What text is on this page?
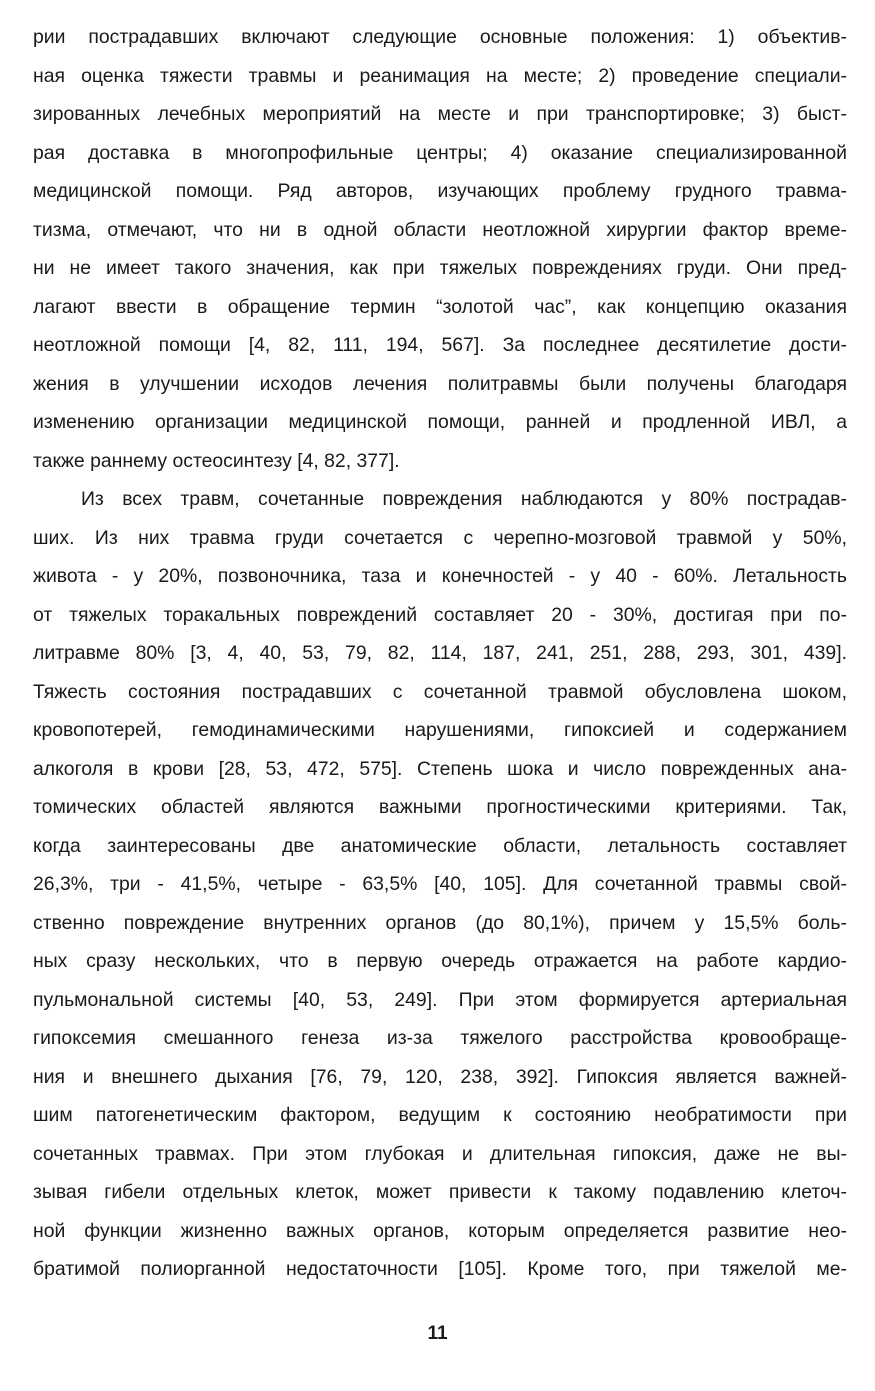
рии пострадавших включают следующие основные положения: 1) объектив-
ная оценка тяжести травмы и реанимация на месте; 2) проведение специали-
зированных лечебных мероприятий на месте и при транспортировке; 3) быст-
рая доставка в многопрофильные центры; 4) оказание специализированной
медицинской помощи. Ряд авторов, изучающих проблему грудного травма-
тизма, отмечают, что ни в одной области неотложной хирургии фактор време-
ни не имеет такого значения, как при тяжелых повреждениях груди. Они пред-
лагают ввести в обращение термин “золотой час”, как концепцию оказания
неотложной помощи [4, 82, 111, 194, 567]. За последнее десятилетие дости-
жения в улучшении исходов лечения политравмы были получены благодаря
изменению организации медицинской помощи, ранней и продленной ИВЛ, а
также раннему остеосинтезу [4, 82, 377].
Из всех травм, сочетанные повреждения наблюдаются у 80% пострадав-
ших. Из них травма груди сочетается с черепно-мозговой травмой у 50%,
живота - у 20%, позвоночника, таза и конечностей - у 40 - 60%. Летальность
от тяжелых торакальных повреждений составляет 20 - 30%, достигая при по-
литравме 80% [3, 4, 40, 53, 79, 82, 114, 187, 241, 251, 288, 293, 301, 439].
Тяжесть состояния пострадавших с сочетанной травмой обусловлена шоком,
кровопотерей, гемодинамическими нарушениями, гипоксией и содержанием
алкоголя в крови [28, 53, 472, 575]. Степень шока и число поврежденных ана-
томических областей являются важными прогностическими критериями. Так,
когда заинтересованы две анатомические области, летальность составляет
26,3%, три - 41,5%, четыре - 63,5% [40, 105]. Для сочетанной травмы свой-
ственно повреждение внутренних органов (до 80,1%), причем у 15,5% боль-
ных сразу нескольких, что в первую очередь отражается на работе кардио-
пульмональной системы [40, 53, 249]. При этом формируется артериальная
гипоксемия смешанного генеза из-за тяжелого расстройства кровообраще-
ния и внешнего дыхания [76, 79, 120, 238, 392]. Гипоксия является важней-
шим патогенетическим фактором, ведущим к состоянию необратимости при
сочетанных травмах. При этом глубокая и длительная гипоксия, даже не вы-
зывая гибели отдельных клеток, может привести к такому подавлению клеточ-
ной функции жизненно важных органов, которым определяется развитие нео-
братимой полиорганной недостаточности [105]. Кроме того, при тяжелой ме-
11
